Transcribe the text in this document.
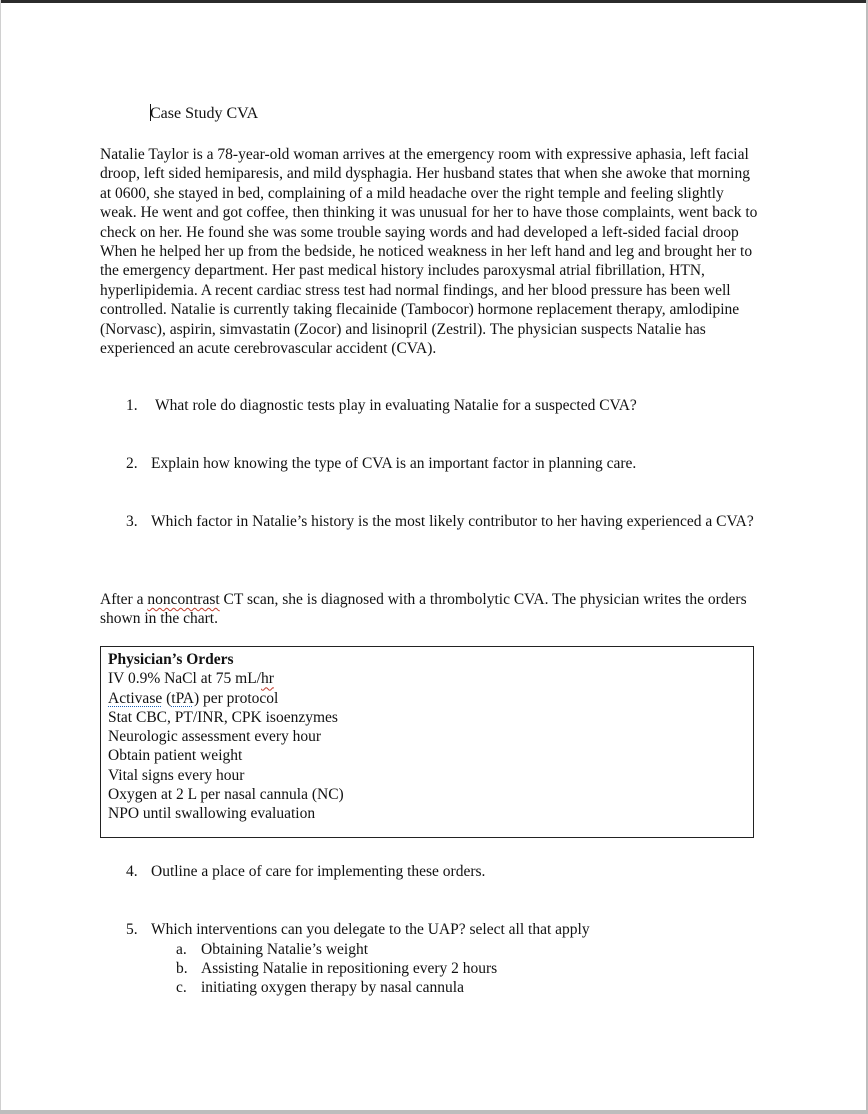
Case Study CVA

Natalie Taylor is a 78-year-old woman arrives at the emergency room with expressive aphasia, left facial droop, left sided hemiparesis, and mild dysphagia. Her husband states that when she awoke that morning at 0600, she stayed in bed, complaining of a mild headache over the right temple and feeling slightly weak. He went and got coffee, then thinking it was unusual for her to have those complaints, went back to check on her. He found she was some trouble saying words and had developed a left-sided facial droop When he helped her up from the bedside, he noticed weakness in her left hand and leg and brought her to the emergency department. Her past medical history includes paroxysmal atrial fibrillation, HTN, hyperlipidemia. A recent cardiac stress test had normal findings, and her blood pressure has been well controlled. Natalie is currently taking flecainide (Tambocor) hormone replacement therapy, amlodipine (Norvasc), aspirin, simvastatin (Zocor) and lisinopril (Zestril). The physician suspects Natalie has experienced an acute cerebrovascular accident (CVA).

1. What role do diagnostic tests play in evaluating Natalie for a suspected CVA?
2. Explain how knowing the type of CVA is an important factor in planning care.
3. Which factor in Natalie’s history is the most likely contributor to her having experienced a CVA?

After a noncontrast CT scan, she is diagnosed with a thrombolytic CVA. The physician writes the orders shown in the chart.

Physician’s Orders
IV 0.9% NaCl at 75 mL/hr
Activase (tPA) per protocol
Stat CBC, PT/INR, CPK isoenzymes
Neurologic assessment every hour
Obtain patient weight
Vital signs every hour
Oxygen at 2 L per nasal cannula (NC)
NPO until swallowing evaluation
4. Outline a place of care for implementing these orders.
5. Which interventions can you delegate to the UAP? select all that apply
a. Obtaining Natalie’s weight
b. Assisting Natalie in repositioning every 2 hours
c. initiating oxygen therapy by nasal cannula
